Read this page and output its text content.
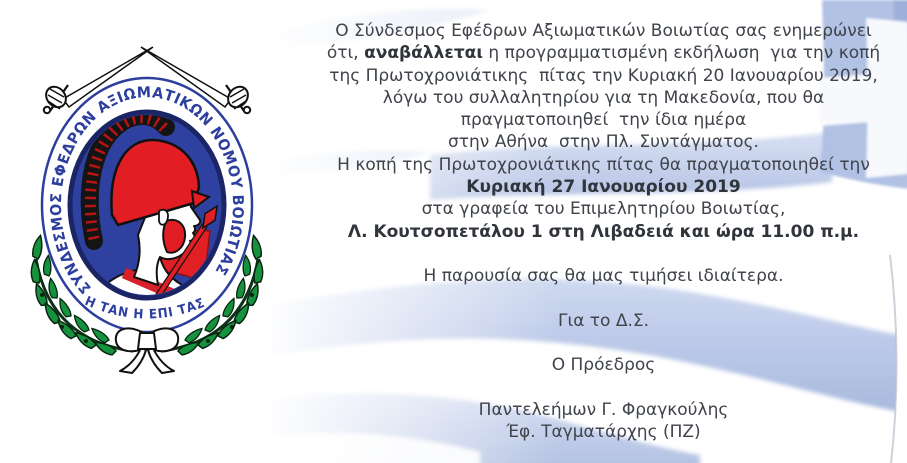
ΣΥΝΔΕΣΜΟΣ ΕΦΕΔΡΩΝ ΑΞΙΩΜΑΤΙΚΩΝ ΝΟΜΟΥ ΒΟΙΩΤΙΑΣ
Η ΤΑΝ Η ΕΠΙ ΤΑΣ
Ο Σύνδεσμος Εφέδρων Αξιωματικών Βοιωτίας σας ενημερώνει
ότι, αναβάλλεται η προγραμματισμένη εκδήλωση  για την κοπή
της Πρωτοχρονιάτικης  πίτας την Κυριακή 20 Ιανουαρίου 2019,
λόγω του συλλαλητηρίου για τη Μακεδονία, που θα
πραγματοποιηθεί  την ίδια ημέρα
στην Αθήνα  στην Πλ. Συντάγματος.
Η κοπή της Πρωτοχρονιάτικης πίτας θα πραγματοποιηθεί την
Κυριακή 27 Ιανουαρίου 2019
στα γραφεία του Επιμελητηρίου Βοιωτίας,
Λ. Κουτσοπετάλου 1 στη Λιβαδειά και ώρα 11.00 π.μ.

Η παρουσία σας θα μας τιμήσει ιδιαίτερα.

Για το Δ.Σ.

Ο Πρόεδρος

Παντελεήμων Γ. Φραγκούλης
Έφ. Ταγματάρχης (ΠΖ)
